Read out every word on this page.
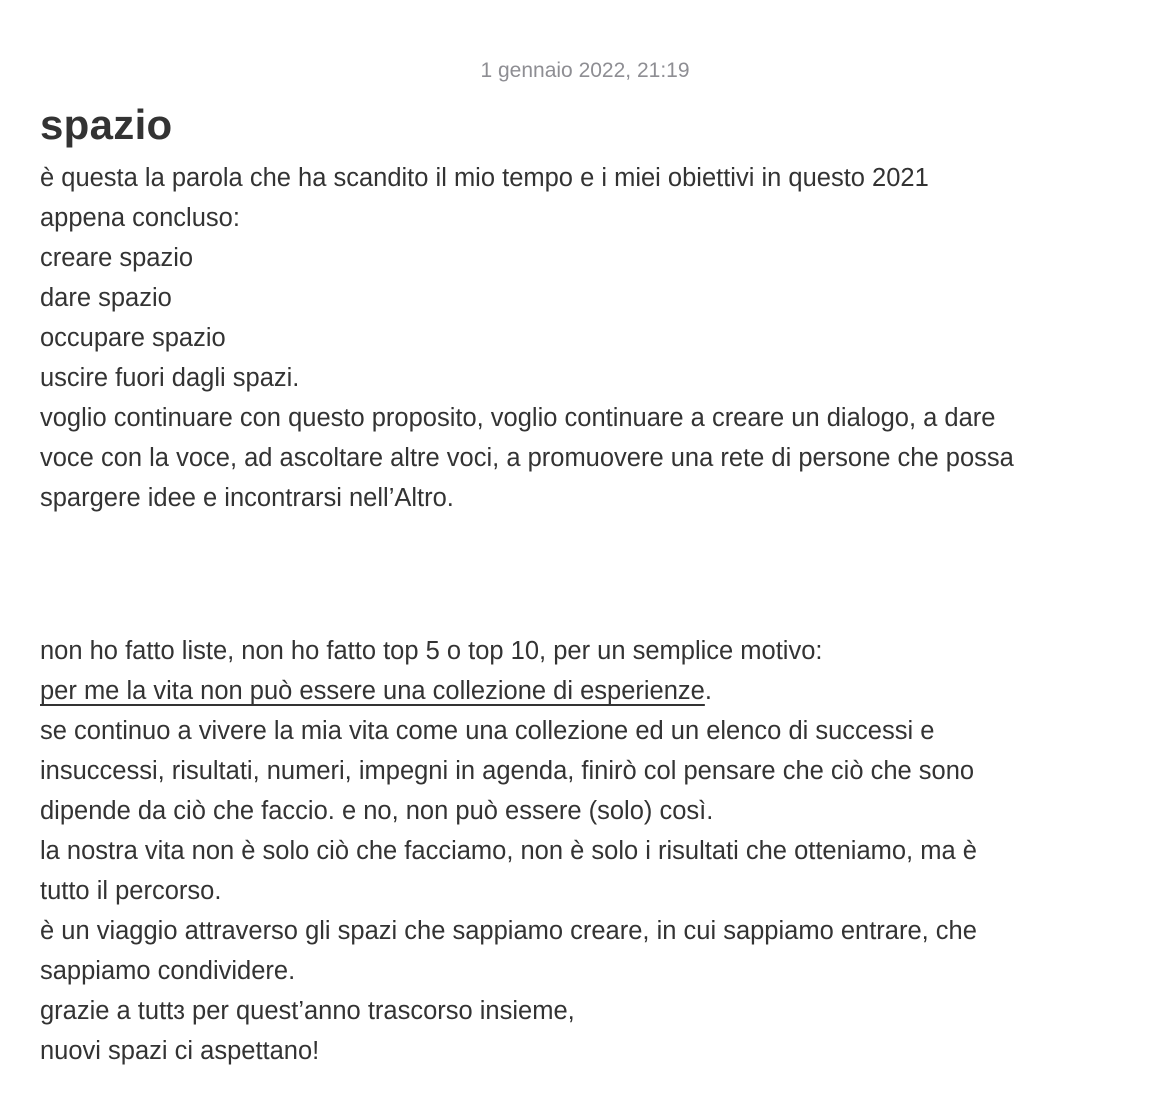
1 gennaio 2022, 21:19
spazio
è questa la parola che ha scandito il mio tempo e i miei obiettivi in questo 2021
appena concluso:
creare spazio
dare spazio
occupare spazio
uscire fuori dagli spazi.
voglio continuare con questo proposito, voglio continuare a creare un dialogo, a dare
voce con la voce, ad ascoltare altre voci, a promuovere una rete di persone che possa
spargere idee e incontrarsi nell’Altro.
non ho fatto liste, non ho fatto top 5 o top 10, per un semplice motivo:
per me la vita non può essere una collezione di esperienze.
se continuo a vivere la mia vita come una collezione ed un elenco di successi e
insuccessi, risultati, numeri, impegni in agenda, finirò col pensare che ciò che sono
dipende da ciò che faccio. e no, non può essere (solo) così.
la nostra vita non è solo ciò che facciamo, non è solo i risultati che otteniamo, ma è
tutto il percorso.
è un viaggio attraverso gli spazi che sappiamo creare, in cui sappiamo entrare, che
sappiamo condividere.
grazie a tuttɜ per quest’anno trascorso insieme,
nuovi spazi ci aspettano!
